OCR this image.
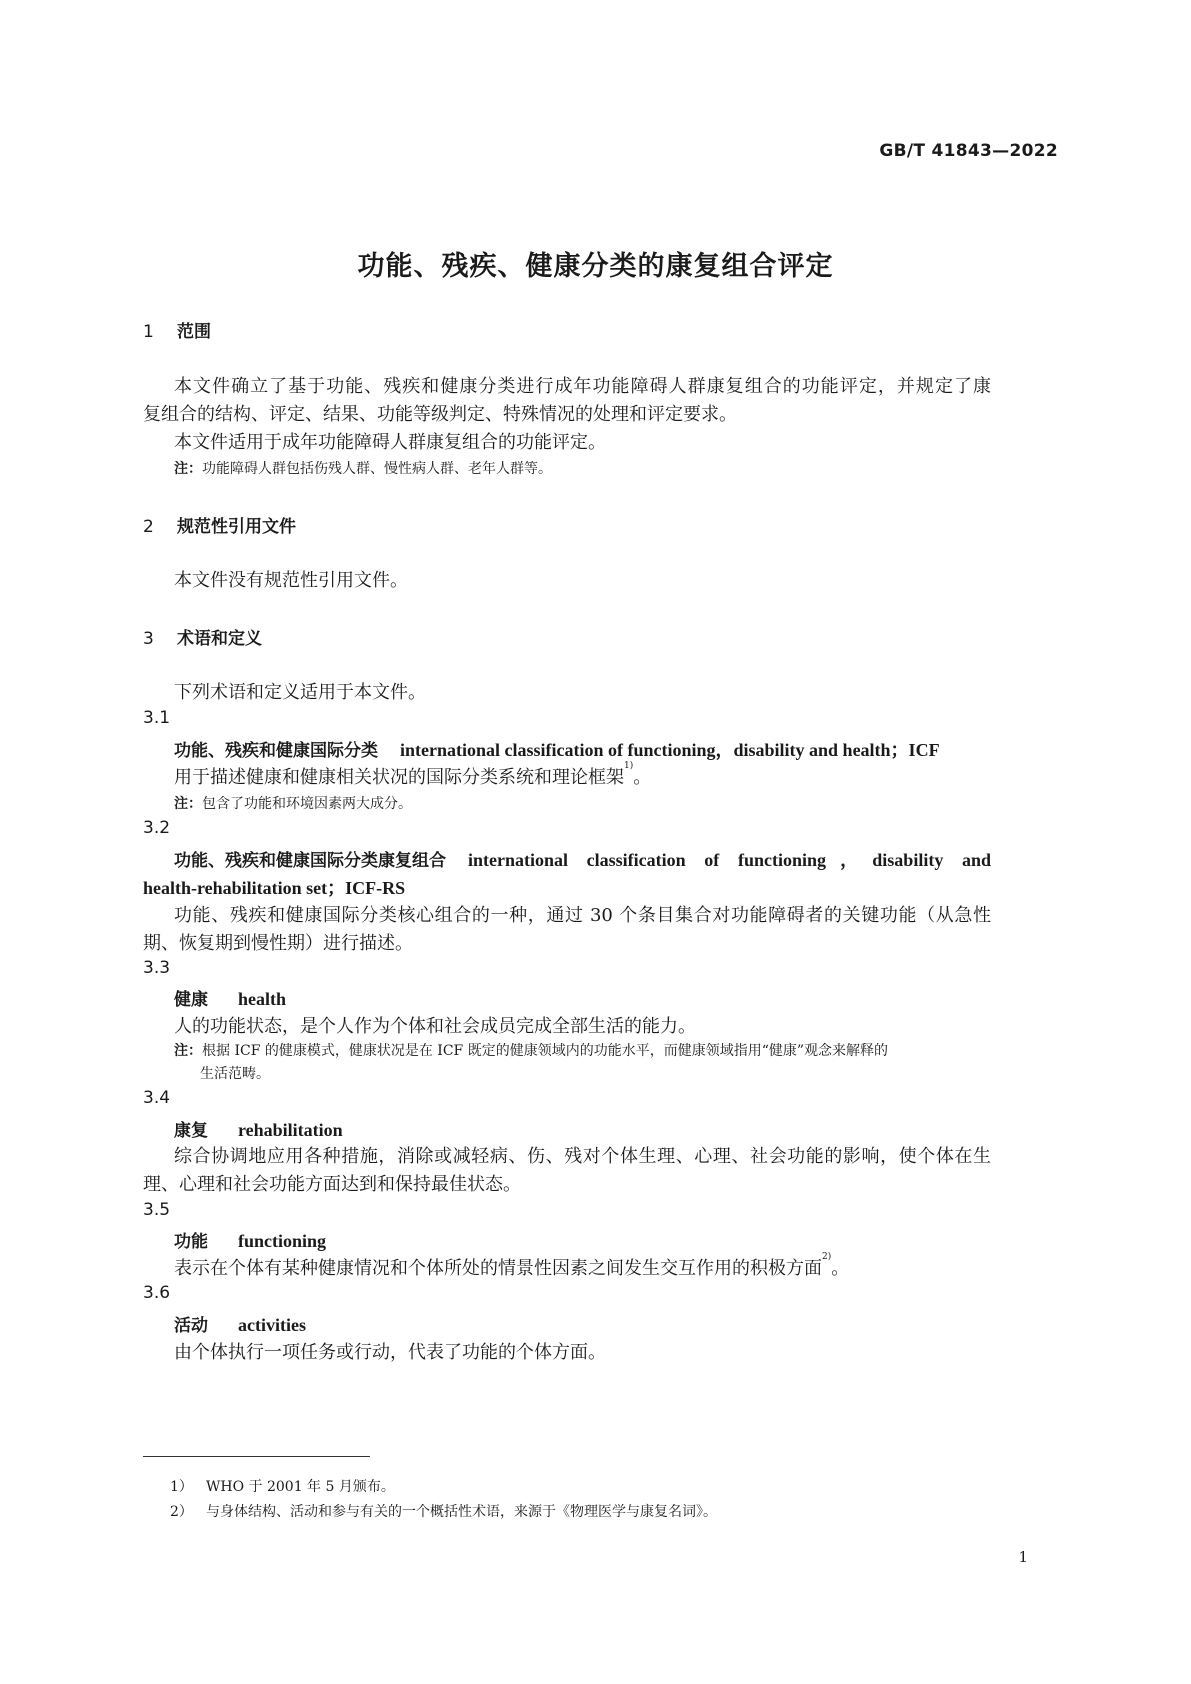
GB/T 41843—2022
功能、残疾、健康分类的康复组合评定
1 范围
本文件确立了基于功能、残疾和健康分类进行成年功能障碍人群康复组合的功能评定，并规定了康
复组合的结构、评定、结果、功能等级判定、特殊情况的处理和评定要求。
本文件适用于成年功能障碍人群康复组合的功能评定。
注：功能障碍人群包括伤残人群、慢性病人群、老年人群等。
2 规范性引用文件
本文件没有规范性引用文件。
3 术语和定义
下列术语和定义适用于本文件。
3.1
功能、残疾和健康国际分类 international classification of functioning，disability and health；ICF
用于描述健康和健康相关状况的国际分类系统和理论框架$^{1)}$。
注：包含了功能和环境因素两大成分。
3.2
功能、残疾和健康国际分类康复组合 international classification of functioning，disability and
health-rehabilitation set；ICF-RS
功能、残疾和健康国际分类核心组合的一种，通过 30 个条目集合对功能障碍者的关键功能（从急性
期、恢复期到慢性期）进行描述。
3.3
健康 health
人的功能状态，是个人作为个体和社会成员完成全部生活的能力。
注：根据 ICF 的健康模式，健康状况是在 ICF 既定的健康领域内的功能水平，而健康领域指用“健康”观念来解释的
生活范畴。
3.4
康复 rehabilitation
综合协调地应用各种措施，消除或减轻病、伤、残对个体生理、心理、社会功能的影响，使个体在生
理、心理和社会功能方面达到和保持最佳状态。
3.5
功能 functioning
表示在个体有某种健康情况和个体所处的情景性因素之间发生交互作用的积极方面$^{2)}$。
3.6
活动 activities
由个体执行一项任务或行动，代表了功能的个体方面。
1） WHO 于 2001 年 5 月颁布。
2） 与身体结构、活动和参与有关的一个概括性术语，来源于《物理医学与康复名词》。
1
